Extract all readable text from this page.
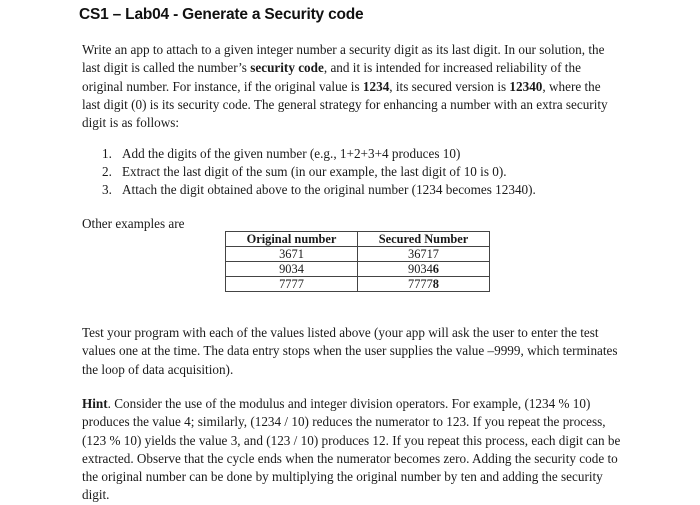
CS1 – Lab04 - Generate a Security code
Write an app to attach to a given integer number a security digit as its last digit. In our solution, the last digit is called the number’s security code, and it is intended for increased reliability of the original number. For instance, if the original value is 1234, its secured version is 12340, where the last digit (0) is its security code. The general strategy for enhancing a number with an extra security digit is as follows:
1. Add the digits of the given number (e.g., 1+2+3+4 produces 10)
2. Extract the last digit of the sum (in our example, the last digit of 10 is 0).
3. Attach the digit obtained above to the original number (1234 becomes 12340).
Other examples are
Original number	Secured Number
3671	36717
9034	90346
7777	77778
Test your program with each of the values listed above (your app will ask the user to enter the test values one at the time. The data entry stops when the user supplies the value –9999, which terminates the loop of data acquisition).
Hint. Consider the use of the modulus and integer division operators. For example, (1234 % 10) produces the value 4; similarly, (1234 / 10) reduces the numerator to 123. If you repeat the process, (123 % 10) yields the value 3, and (123 / 10) produces 12. If you repeat this process, each digit can be extracted. Observe that the cycle ends when the numerator becomes zero. Adding the security code to the original number can be done by multiplying the original number by ten and adding the security digit.
